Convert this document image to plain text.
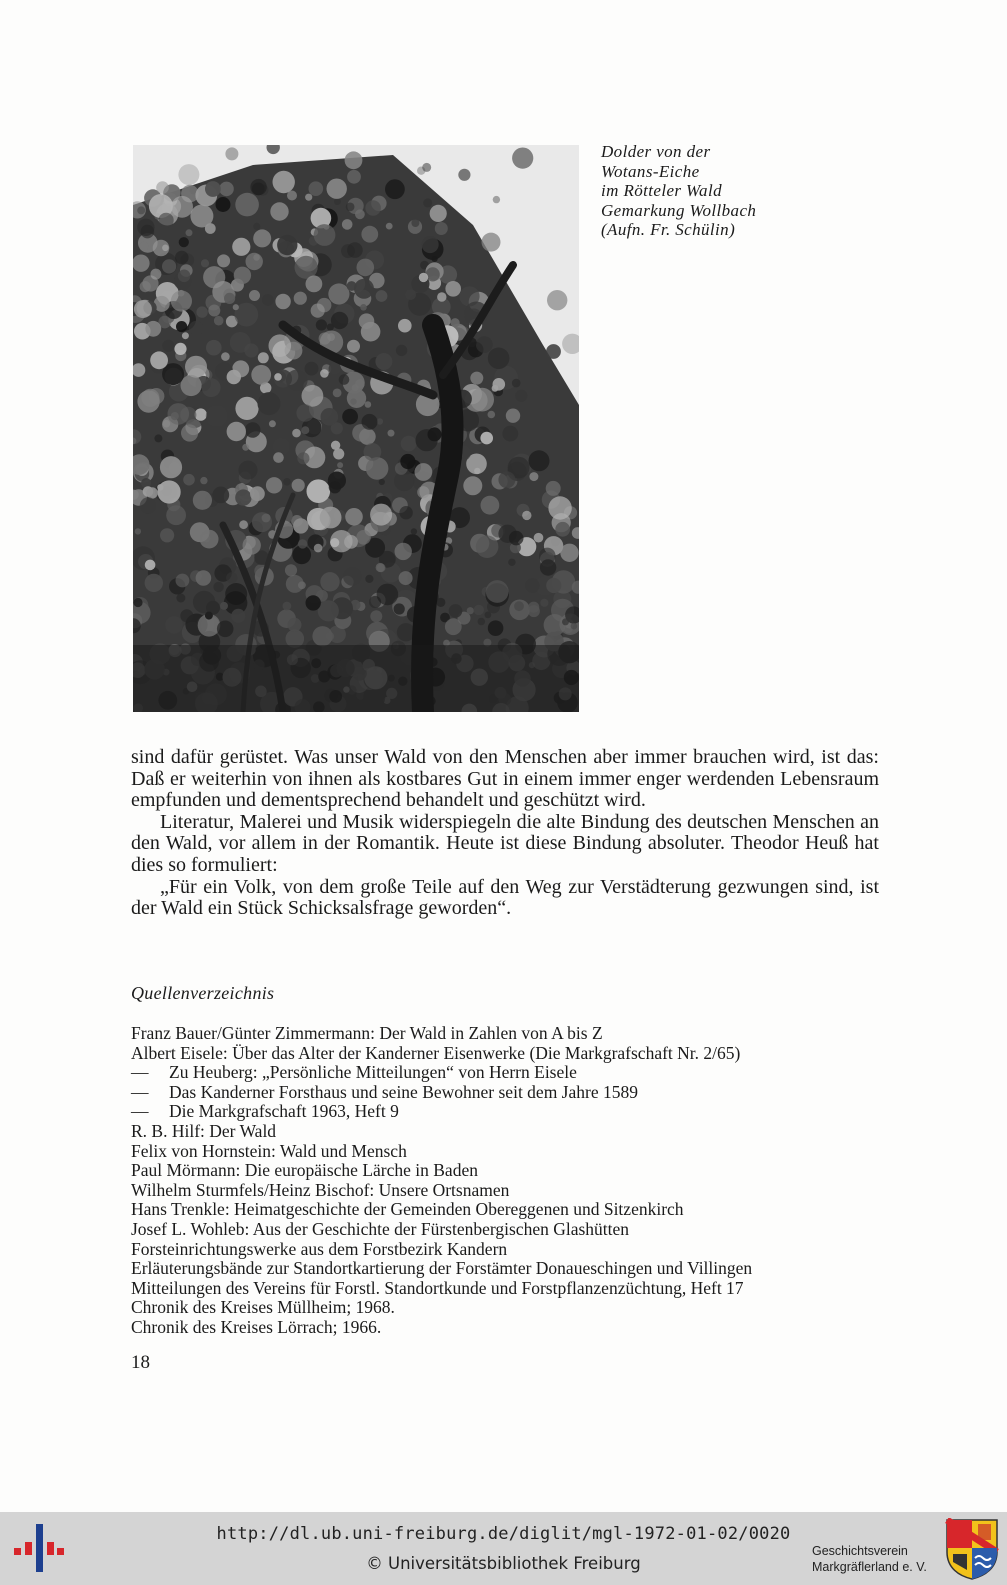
Dolder von der
Wotans-Eiche
im Rötteler Wald
Gemarkung Wollbach
(Aufn. Fr. Schülin)

sind dafür gerüstet. Was unser Wald von den Menschen aber immer brauchen wird, ist das: Daß er weiterhin von ihnen als kostbares Gut in einem immer enger werdenden Lebensraum empfunden und dementsprechend behandelt und geschützt wird.

Literatur, Malerei und Musik widerspiegeln die alte Bindung des deutschen Menschen an den Wald, vor allem in der Romantik. Heute ist diese Bindung absoluter. Theodor Heuß hat dies so formuliert:

„Für ein Volk, von dem große Teile auf den Weg zur Verstädterung gezwungen sind, ist der Wald ein Stück Schicksalsfrage geworden“.

Quellenverzeichnis
Franz Bauer/Günter Zimmermann: Der Wald in Zahlen von A bis Z
Albert Eisele: Über das Alter der Kanderner Eisenwerke (Die Markgrafschaft Nr. 2/65)
— Zu Heuberg: „Persönliche Mitteilungen“ von Herrn Eisele
— Das Kanderner Forsthaus und seine Bewohner seit dem Jahre 1589
— Die Markgrafschaft 1963, Heft 9
R. B. Hilf: Der Wald
Felix von Hornstein: Wald und Mensch
Paul Mörmann: Die europäische Lärche in Baden
Wilhelm Sturmfels/Heinz Bischof: Unsere Ortsnamen
Hans Trenkle: Heimatgeschichte der Gemeinden Obereggenen und Sitzenkirch
Josef L. Wohleb: Aus der Geschichte der Fürstenbergischen Glashütten
Forsteinrichtungswerke aus dem Forstbezirk Kandern
Erläuterungsbände zur Standortkartierung der Forstämter Donaueschingen und Villingen
Mitteilungen des Vereins für Forstl. Standortkunde und Forstpflanzenzüchtung, Heft 17
Chronik des Kreises Müllheim; 1968.
Chronik des Kreises Lörrach; 1966.
18
http://dl.ub.uni-freiburg.de/diglit/mgl-1972-01-02/0020
© Universitätsbibliothek Freiburg
Geschichtsverein
Markgräflerland e. V.
